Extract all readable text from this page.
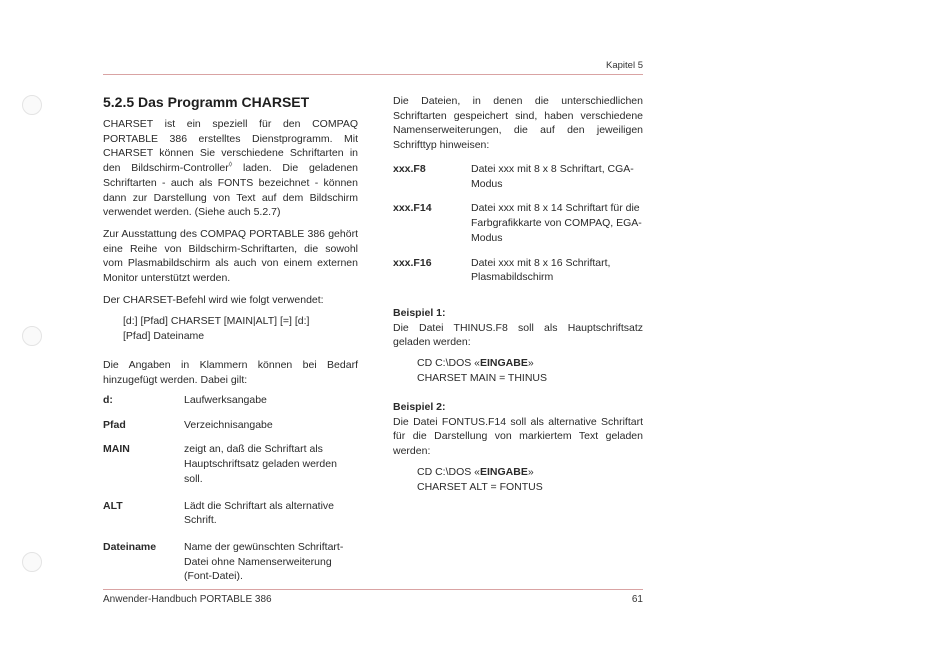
Kapitel 5
5.2.5 Das Programm CHARSET

CHARSET ist ein speziell für den COMPAQ PORTABLE 386 erstelltes Dienstprogramm. Mit CHARSET können Sie verschiedene Schriftarten in den Bildschirm-Controller◊ laden. Die geladenen Schriftarten - auch als FONTS bezeichnet - können dann zur Darstellung von Text auf dem Bildschirm verwendet werden. (Siehe auch 5.2.7)

Zur Ausstattung des COMPAQ PORTABLE 386 gehört eine Reihe von Bildschirm-Schriftarten, die sowohl vom Plasmabildschirm als auch von einem externen Monitor unterstützt werden.

Der CHARSET-Befehl wird wie folgt verwendet:

[d:] [Pfad] CHARSET [MAIN|ALT] [=] [d:]
[Pfad] Dateiname

Die Angaben in Klammern können bei Bedarf hinzugefügt werden. Dabei gilt:

d:	Laufwerksangabe
Pfad	Verzeichnisangabe
MAIN	zeigt an, daß die Schriftart als Hauptschriftsatz geladen werden soll.
ALT	Lädt die Schriftart als alternative Schrift.
Dateiname	Name der gewünschten Schriftart-Datei ohne Namenserweiterung (Font-Datei).
Die Dateien, in denen die unterschiedlichen Schriftarten gespeichert sind, haben verschiedene Namenserweiterungen, die auf den jeweiligen Schrifttyp hinweisen:
xxx.F8	Datei xxx mit 8 x 8 Schriftart, CGA-Modus
xxx.F14	Datei xxx mit 8 x 14 Schriftart für die Farbgrafikkarte von COMPAQ, EGA-Modus
xxx.F16	Datei xxx mit 8 x 16 Schriftart, Plasmabildschirm
Beispiel 1:
Die Datei THINUS.F8 soll als Hauptschriftsatz geladen werden:
CD C:\DOS «EINGABE»
CHARSET MAIN = THINUS
Beispiel 2:
Die Datei FONTUS.F14 soll als alternative Schriftart für die Darstellung von markiertem Text geladen werden:
CD C:\DOS «EINGABE»
CHARSET ALT = FONTUS
Anwender-Handbuch PORTABLE 386	61
